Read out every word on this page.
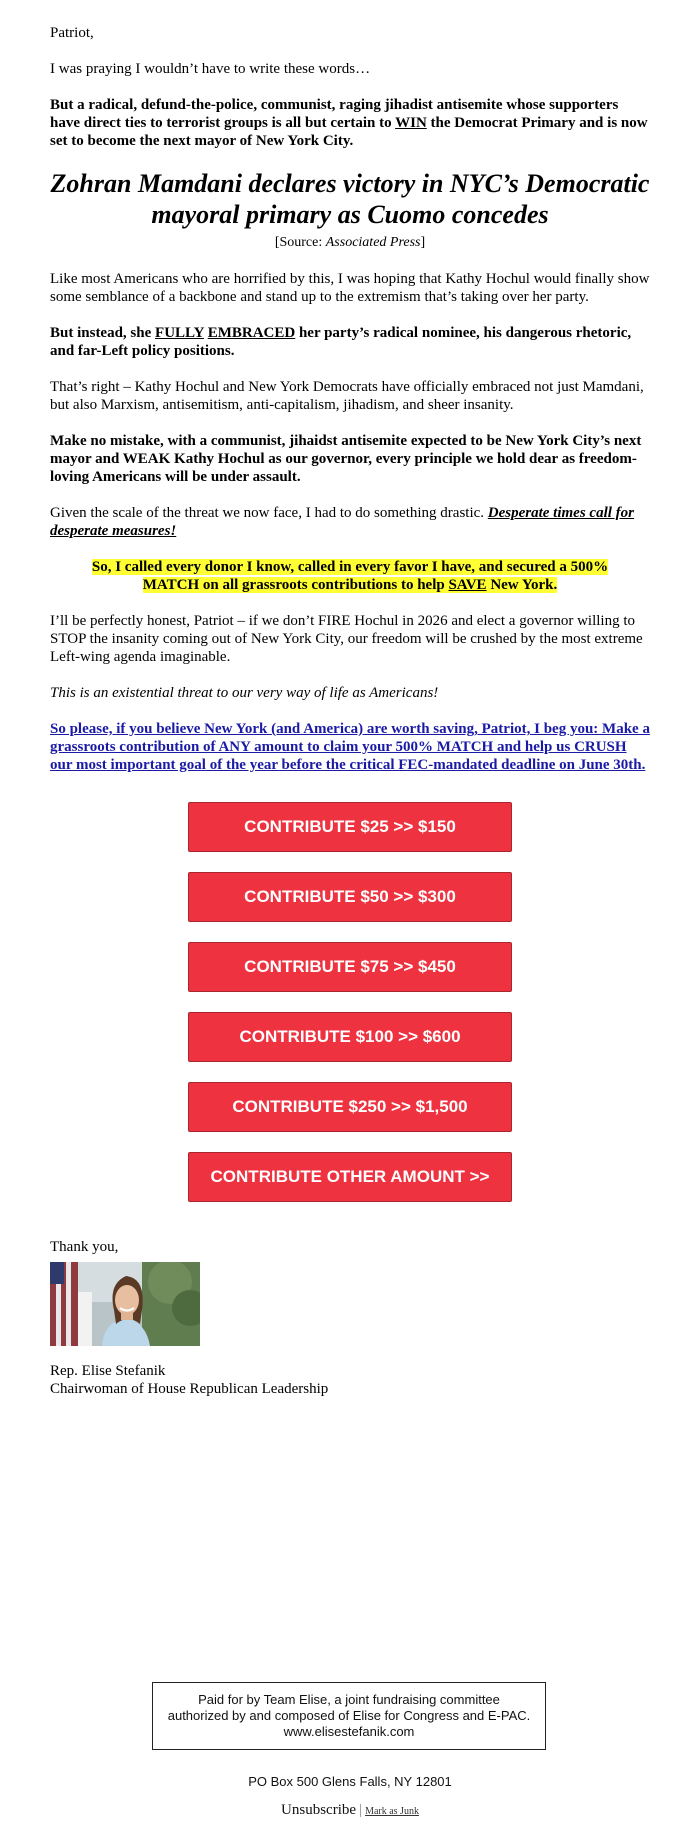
Patriot,

I was praying I wouldn’t have to write these words…

But a radical, defund-the-police, communist, raging jihadist antisemite whose supporters have direct ties to terrorist groups is all but certain to WIN the Democrat Primary and is now set to become the next mayor of New York City.

Zohran Mamdani declares victory in NYC’s Democratic mayoral primary as Cuomo concedes

[Source: Associated Press]

Like most Americans who are horrified by this, I was hoping that Kathy Hochul would finally show some semblance of a backbone and stand up to the extremism that’s taking over her party.

But instead, she FULLY EMBRACED her party’s radical nominee, his dangerous rhetoric, and far-Left policy positions.

That’s right – Kathy Hochul and New York Democrats have officially embraced not just Mamdani, but also Marxism, antisemitism, anti-capitalism, jihadism, and sheer insanity.

Make no mistake, with a communist, jihaidst antisemite expected to be New York City’s next mayor and WEAK Kathy Hochul as our governor, every principle we hold dear as freedom-loving Americans will be under assault.

Given the scale of the threat we now face, I had to do something drastic. Desperate times call for desperate measures!

So, I called every donor I know, called in every favor I have, and secured a 500% MATCH on all grassroots contributions to help SAVE New York.

I’ll be perfectly honest, Patriot – if we don’t FIRE Hochul in 2026 and elect a governor willing to STOP the insanity coming out of New York City, our freedom will be crushed by the most extreme Left-wing agenda imaginable.

This is an existential threat to our very way of life as Americans!

So please, if you believe New York (and America) are worth saving, Patriot, I beg you: Make a grassroots contribution of ANY amount to claim your 500% MATCH and help us CRUSH our most important goal of the year before the critical FEC-mandated deadline on June 30th.

CONTRIBUTE $25 >> $150
CONTRIBUTE $50 >> $300
CONTRIBUTE $75 >> $450
CONTRIBUTE $100 >> $600
CONTRIBUTE $250 >> $1,500
CONTRIBUTE OTHER AMOUNT >>

Thank you,

Rep. Elise Stefanik
Chairwoman of House Republican Leadership
Paid for by Team Elise, a joint fundraising committee authorized by and composed of Elise for Congress and E-PAC. www.elisestefanik.com
PO Box 500 Glens Falls, NY 12801
Unsubscribe | Mark as Junk
